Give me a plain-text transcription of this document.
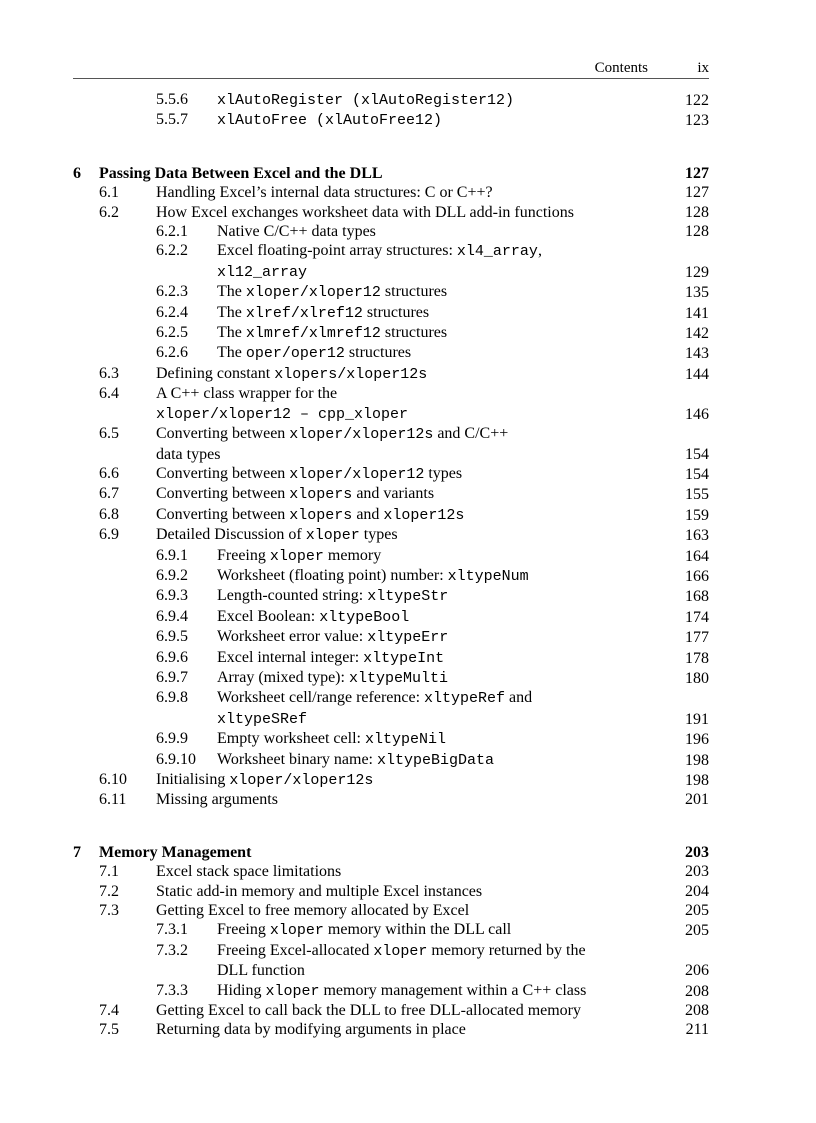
Contents	ix
5.5.6	xlAutoRegister (xlAutoRegister12)	122
5.5.7	xlAutoFree (xlAutoFree12)	123
6	Passing Data Between Excel and the DLL	127
6.1	Handling Excel’s internal data structures: C or C++?	127
6.2	How Excel exchanges worksheet data with DLL add-in functions	128
6.2.1	Native C/C++ data types	128
6.2.2	Excel floating-point array structures: xl4_array,
xl12_array	129
6.2.3	The xloper/xloper12 structures	135
6.2.4	The xlref/xlref12 structures	141
6.2.5	The xlmref/xlmref12 structures	142
6.2.6	The oper/oper12 structures	143
6.3	Defining constant xlopers/xloper12s	144
6.4	A C++ class wrapper for the
xloper/xloper12 – cpp_xloper	146
6.5	Converting between xloper/xloper12s and C/C++
data types	154
6.6	Converting between xloper/xloper12 types	154
6.7	Converting between xlopers and variants	155
6.8	Converting between xlopers and xloper12s	159
6.9	Detailed Discussion of xloper types	163
6.9.1	Freeing xloper memory	164
6.9.2	Worksheet (floating point) number: xltypeNum	166
6.9.3	Length-counted string: xltypeStr	168
6.9.4	Excel Boolean: xltypeBool	174
6.9.5	Worksheet error value: xltypeErr	177
6.9.6	Excel internal integer: xltypeInt	178
6.9.7	Array (mixed type): xltypeMulti	180
6.9.8	Worksheet cell/range reference: xltypeRef and
xltypeSRef	191
6.9.9	Empty worksheet cell: xltypeNil	196
6.9.10	Worksheet binary name: xltypeBigData	198
6.10	Initialising xloper/xloper12s	198
6.11	Missing arguments	201
7	Memory Management	203
7.1	Excel stack space limitations	203
7.2	Static add-in memory and multiple Excel instances	204
7.3	Getting Excel to free memory allocated by Excel	205
7.3.1	Freeing xloper memory within the DLL call	205
7.3.2	Freeing Excel-allocated xloper memory returned by the
DLL function	206
7.3.3	Hiding xloper memory management within a C++ class	208
7.4	Getting Excel to call back the DLL to free DLL-allocated memory	208
7.5	Returning data by modifying arguments in place	211
